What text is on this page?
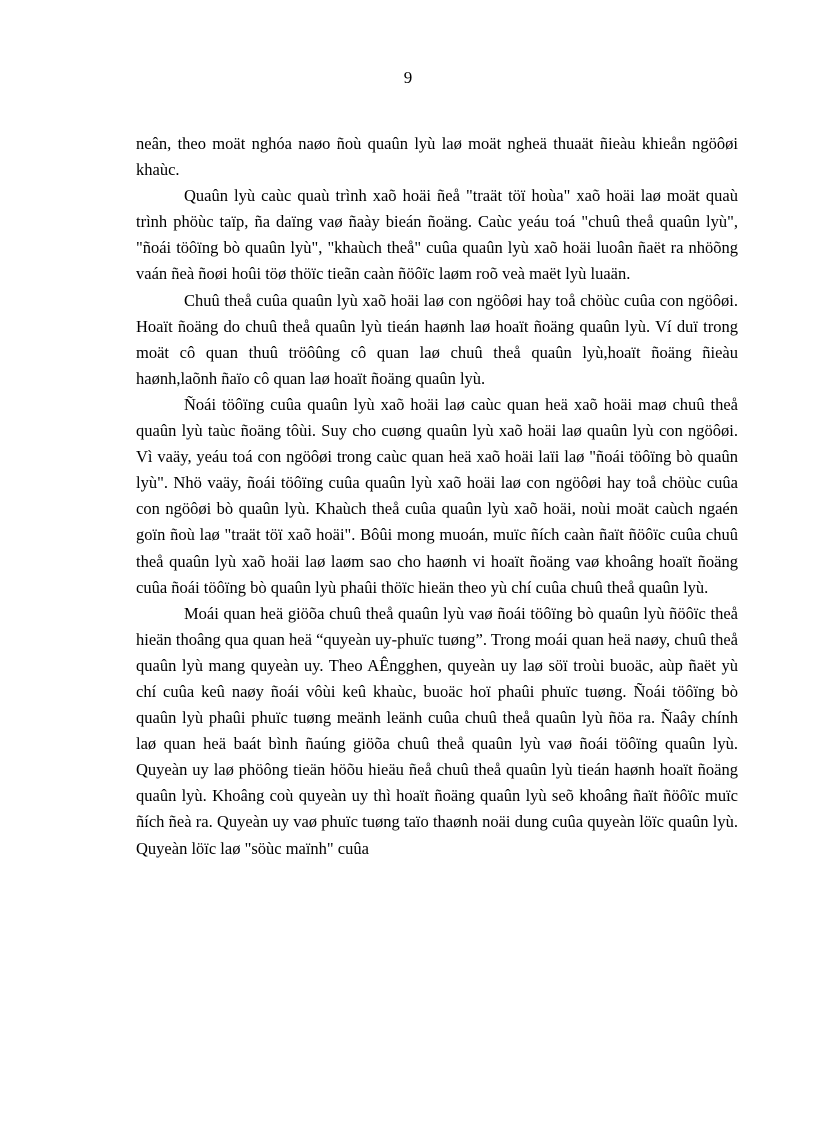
9

neân, theo moät nghóa naøo ñoù quaûn lyù laø moät ngheä thuaät ñieàu khieån ngöôøi khaùc.

Quaûn lyù caùc quaù trình xaõ hoäi ñeå "traät töï hoùa" xaõ hoäi laø moät quaù trình phöùc taïp, ña daïng vaø ñaày bieán ñoäng. Caùc yeáu toá "chuû theå quaûn lyù", "ñoái töôïng bò quaûn lyù", "khaùch theå" cuûa quaûn lyù xaõ hoäi luoân ñaët ra nhöõng vaán ñeà ñoøi hoûi töø thöïc tieãn caàn ñöôïc laøm roõ veà maët lyù luaän.

Chuû theå cuûa quaûn lyù xaõ hoäi laø con ngöôøi hay toå chöùc cuûa con ngöôøi. Hoaït ñoäng do chuû theå quaûn lyù tieán haønh laø hoaït ñoäng quaûn lyù. Ví duï trong moät cô quan thuû tröôûng cô quan laø chuû theå quaûn lyù,hoaït ñoäng ñieàu haønh,laõnh ñaïo cô quan laø hoaït ñoäng quaûn lyù.

Ñoái töôïng cuûa quaûn lyù xaõ hoäi laø caùc quan heä xaõ hoäi maø chuû theå quaûn lyù taùc ñoäng tôùi. Suy cho cuøng quaûn lyù xaõ hoäi laø quaûn lyù con ngöôøi. Vì vaäy, yeáu toá con ngöôøi trong caùc quan heä xaõ hoäi laïi laø "ñoái töôïng bò quaûn lyù". Nhö vaäy, ñoái töôïng cuûa quaûn lyù xaõ hoäi laø con ngöôøi hay toå chöùc cuûa con ngöôøi bò quaûn lyù. Khaùch theå cuûa quaûn lyù xaõ hoäi, noùi moät caùch ngaén goïn ñoù laø "traät töï xaõ hoäi". Bôûi mong muoán, muïc ñích caàn ñaït ñöôïc cuûa chuû theå quaûn lyù xaõ hoäi laø laøm sao cho haønh vi hoaït ñoäng vaø khoâng hoaït ñoäng cuûa ñoái töôïng bò quaûn lyù phaûi thöïc hieän theo yù chí cuûa chuû theå quaûn lyù.

Moái quan heä giöõa chuû theå quaûn lyù vaø ñoái töôïng bò quaûn lyù ñöôïc theå hieän thoâng qua quan heä “quyeàn uy-phuïc tuøng”. Trong moái quan heä naøy, chuû theå quaûn lyù mang quyeàn uy. Theo AÊngghen, quyeàn uy laø söï troùi buoäc, aùp ñaët yù chí cuûa keû naøy ñoái vôùi keû khaùc, buoäc hoï phaûi phuïc tuøng. Ñoái töôïng bò quaûn lyù phaûi phuïc tuøng meänh leänh cuûa chuû theå quaûn lyù ñöa ra. Ñaây chính laø quan heä baát bình ñaúng giöõa chuû theå quaûn lyù vaø ñoái töôïng quaûn lyù. Quyeàn uy laø phöông tieän höõu hieäu ñeå chuû theå quaûn lyù tieán haønh hoaït ñoäng quaûn lyù. Khoâng coù quyeàn uy thì hoaït ñoäng quaûn lyù seõ khoâng ñaït ñöôïc muïc ñích ñeà ra. Quyeàn uy vaø phuïc tuøng taïo thaønh noäi dung cuûa quyeàn löïc quaûn lyù. Quyeàn löïc laø "söùc maïnh" cuûa
